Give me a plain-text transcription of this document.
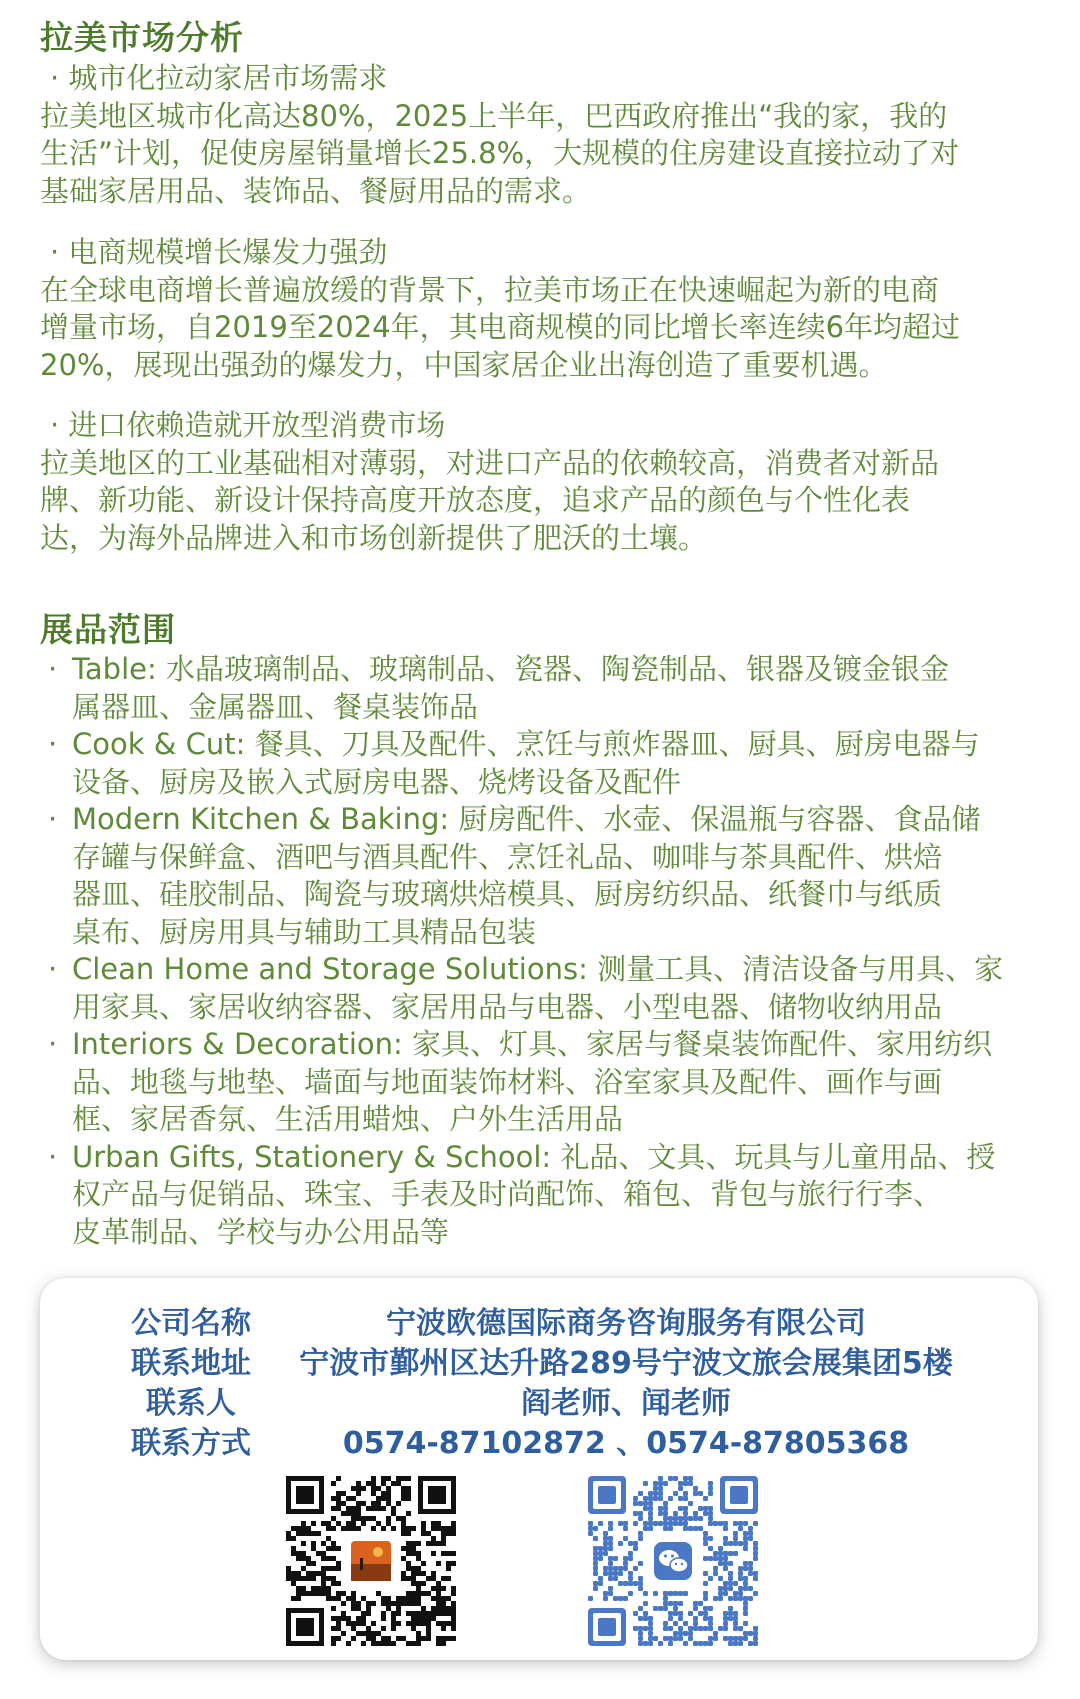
拉美市场分析
· 城市化拉动家居市场需求
拉美地区城市化高达80%，2025上半年，巴西政府推出“我的家，我的
生活”计划，促使房屋销量增长25.8%，大规模的住房建设直接拉动了对
基础家居用品、装饰品、餐厨用品的需求。
· 电商规模增长爆发力强劲
在全球电商增长普遍放缓的背景下，拉美市场正在快速崛起为新的电商
增量市场，自2019至2024年，其电商规模的同比增长率连续6年均超过
20%，展现出强劲的爆发力，中国家居企业出海创造了重要机遇。
· 进口依赖造就开放型消费市场
拉美地区的工业基础相对薄弱，对进口产品的依赖较高，消费者对新品
牌、新功能、新设计保持高度开放态度，追求产品的颜色与个性化表
达，为海外品牌进入和市场创新提供了肥沃的土壤。
展品范围
· Table: 水晶玻璃制品、玻璃制品、瓷器、陶瓷制品、银器及镀金银金
属器皿、金属器皿、餐桌装饰品
· Cook & Cut: 餐具、刀具及配件、烹饪与煎炸器皿、厨具、厨房电器与
设备、厨房及嵌入式厨房电器、烧烤设备及配件
· Modern Kitchen & Baking: 厨房配件、水壶、保温瓶与容器、食品储
存罐与保鲜盒、酒吧与酒具配件、烹饪礼品、咖啡与茶具配件、烘焙
器皿、硅胶制品、陶瓷与玻璃烘焙模具、厨房纺织品、纸餐巾与纸质
桌布、厨房用具与辅助工具精品包装
· Clean Home and Storage Solutions: 测量工具、清洁设备与用具、家
用家具、家居收纳容器、家居用品与电器、小型电器、储物收纳用品
· Interiors & Decoration: 家具、灯具、家居与餐桌装饰配件、家用纺织
品、地毯与地垫、墙面与地面装饰材料、浴室家具及配件、画作与画
框、家居香氛、生活用蜡烛、户外生活用品
· Urban Gifts, Stationery & School: 礼品、文具、玩具与儿童用品、授
权产品与促销品、珠宝、手表及时尚配饰、箱包、背包与旅行行李、
皮革制品、学校与办公用品等
公司名称	宁波欧德国际商务咨询服务有限公司
联系地址	宁波市鄞州区达升路289号宁波文旅会展集团5楼
联系人	阎老师、闻老师
联系方式	0574-87102872 、0574-87805368
